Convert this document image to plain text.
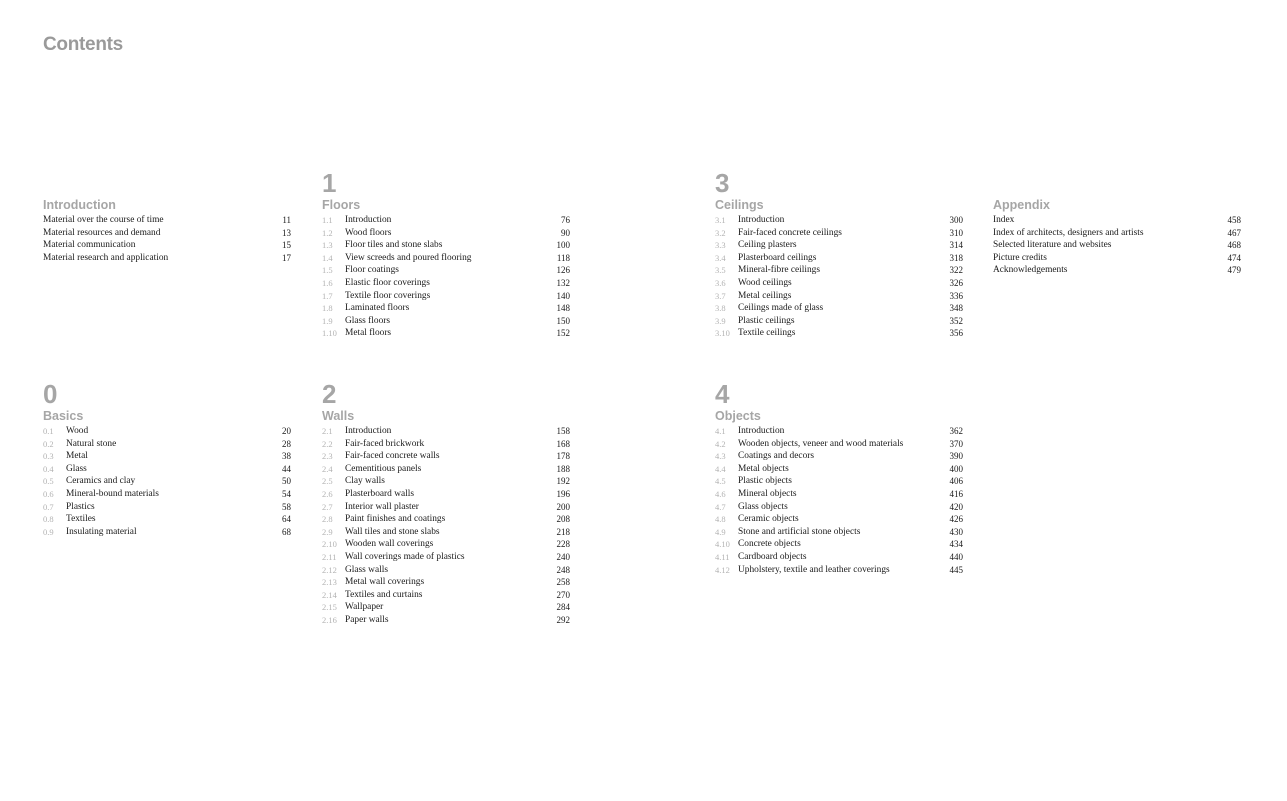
Contents
Introduction
Material over the course of time	11
Material resources and demand	13
Material communication	15
Material research and application	17
1
Floors
1.1 Introduction	76
1.2 Wood floors	90
1.3 Floor tiles and stone slabs	100
1.4 View screeds and poured flooring	118
1.5 Floor coatings	126
1.6 Elastic floor coverings	132
1.7 Textile floor coverings	140
1.8 Laminated floors	148
1.9 Glass floors	150
1.10 Metal floors	152
3
Ceilings
3.1 Introduction	300
3.2 Fair-faced concrete ceilings	310
3.3 Ceiling plasters	314
3.4 Plasterboard ceilings	318
3.5 Mineral-fibre ceilings	322
3.6 Wood ceilings	326
3.7 Metal ceilings	336
3.8 Ceilings made of glass	348
3.9 Plastic ceilings	352
3.10 Textile ceilings	356
Appendix
Index	458
Index of architects, designers and artists	467
Selected literature and websites	468
Picture credits	474
Acknowledgements	479
0
Basics
0.1 Wood	20
0.2 Natural stone	28
0.3 Metal	38
0.4 Glass	44
0.5 Ceramics and clay	50
0.6 Mineral-bound materials	54
0.7 Plastics	58
0.8 Textiles	64
0.9 Insulating material	68
2
Walls
2.1 Introduction	158
2.2 Fair-faced brickwork	168
2.3 Fair-faced concrete walls	178
2.4 Cementitious panels	188
2.5 Clay walls	192
2.6 Plasterboard walls	196
2.7 Interior wall plaster	200
2.8 Paint finishes and coatings	208
2.9 Wall tiles and stone slabs	218
2.10 Wooden wall coverings	228
2.11 Wall coverings made of plastics	240
2.12 Glass walls	248
2.13 Metal wall coverings	258
2.14 Textiles and curtains	270
2.15 Wallpaper	284
2.16 Paper walls	292
4
Objects
4.1 Introduction	362
4.2 Wooden objects, veneer and wood materials	370
4.3 Coatings and decors	390
4.4 Metal objects	400
4.5 Plastic objects	406
4.6 Mineral objects	416
4.7 Glass objects	420
4.8 Ceramic objects	426
4.9 Stone and artificial stone objects	430
4.10 Concrete objects	434
4.11 Cardboard objects	440
4.12 Upholstery, textile and leather coverings	445
